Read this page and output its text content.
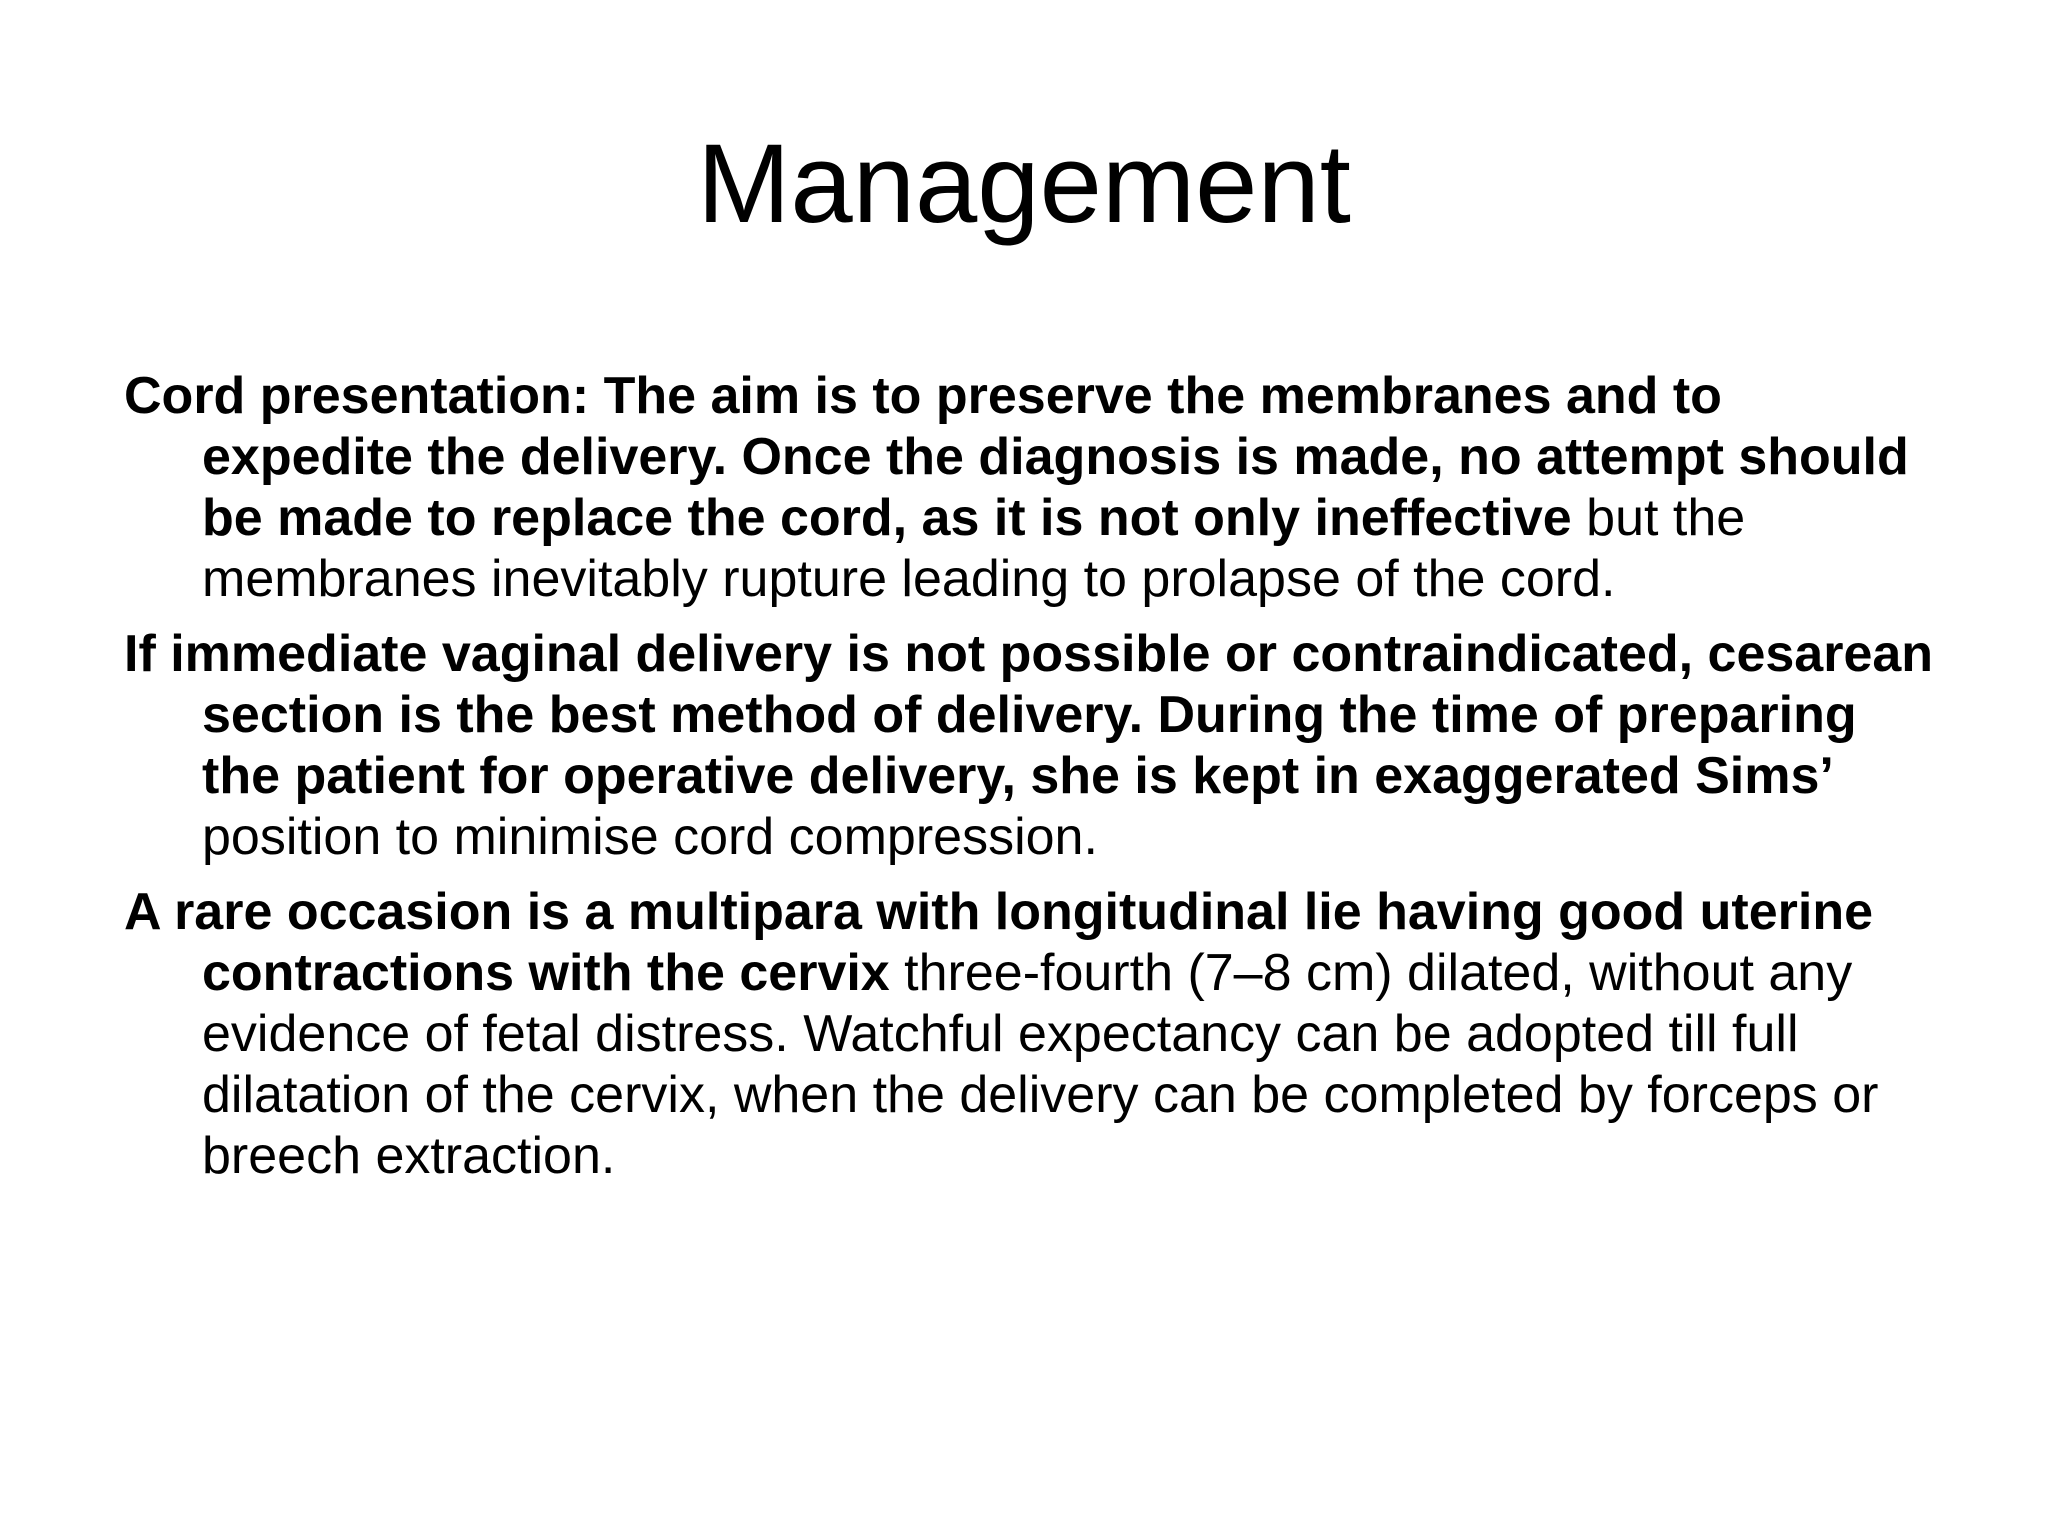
Management

Cord presentation: The aim is to preserve the membranes and to expedite the delivery. Once the diagnosis is made, no attempt should be made to replace the cord, as it is not only ineffective but the membranes inevitably rupture leading to prolapse of the cord.

If immediate vaginal delivery is not possible or contraindicated, cesarean section is the best method of delivery. During the time of preparing the patient for operative delivery, she is kept in exaggerated Sims’ position to minimise cord compression.

A rare occasion is a multipara with longitudinal lie having good uterine contractions with the cervix three-fourth (7–8 cm) dilated, without any evidence of fetal distress. Watchful expectancy can be adopted till full dilatation of the cervix, when the delivery can be completed by forceps or breech extraction.
